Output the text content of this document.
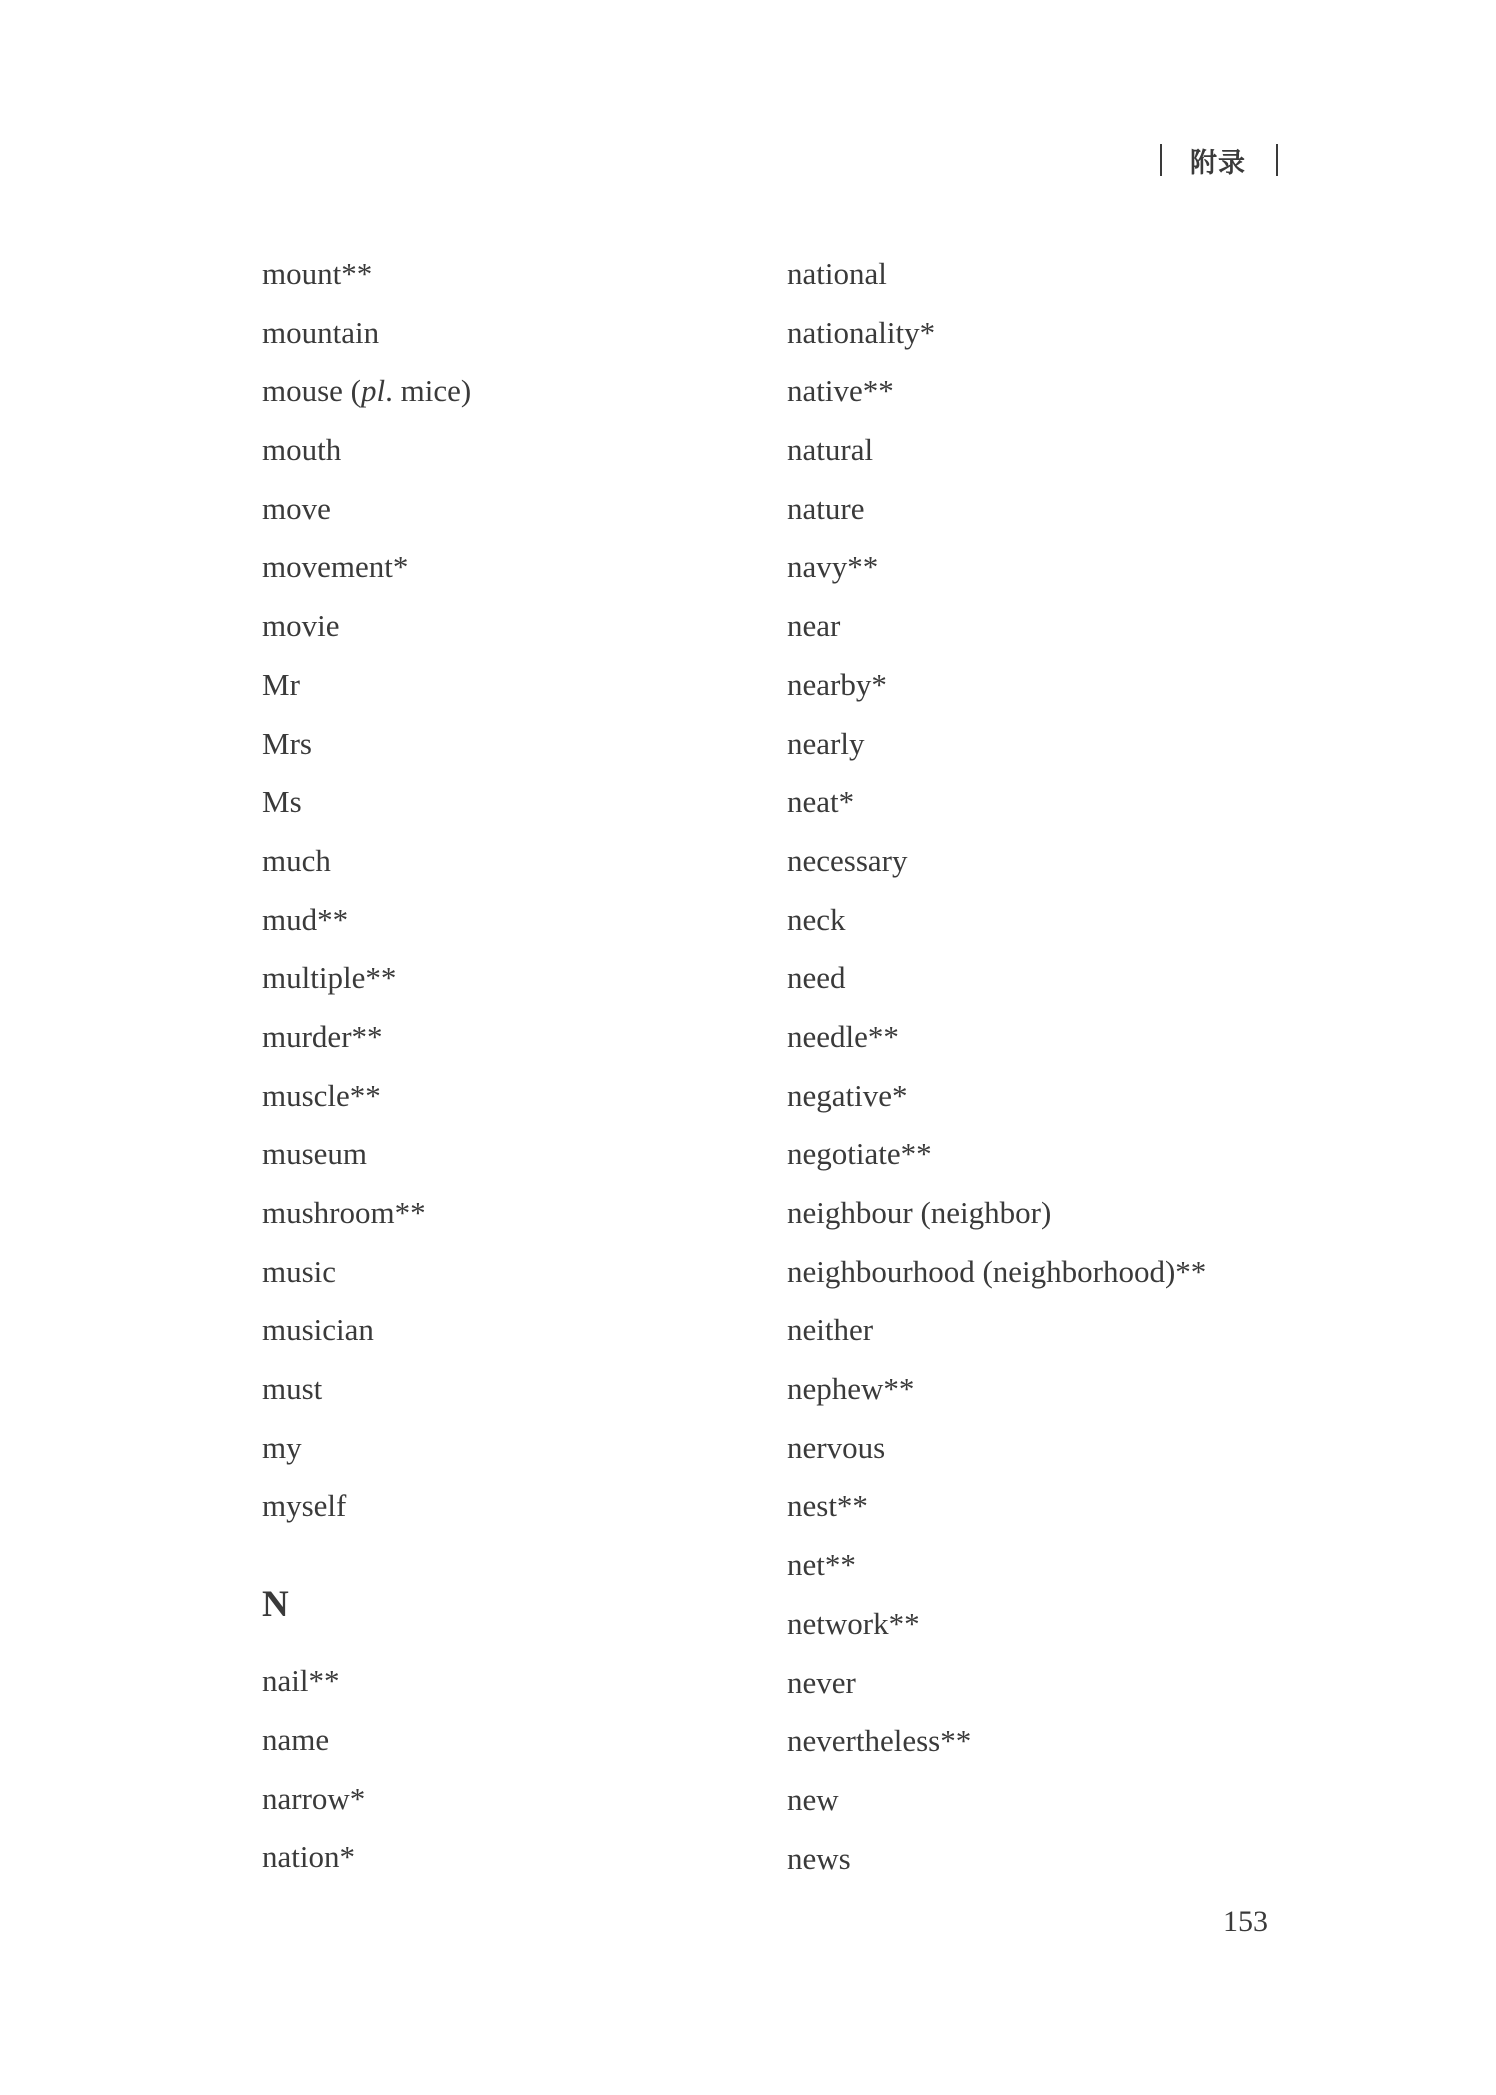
附录
mount**
mountain
mouse (pl. mice)
mouth
move
movement*
movie
Mr
Mrs
Ms
much
mud**
multiple**
murder**
muscle**
museum
mushroom**
music
musician
must
my
myself
N
nail**
name
narrow*
nation*
national
nationality*
native**
natural
nature
navy**
near
nearby*
nearly
neat*
necessary
neck
need
needle**
negative*
negotiate**
neighbour (neighbor)
neighbourhood (neighborhood)**
neither
nephew**
nervous
nest**
net**
network**
never
nevertheless**
new
news
153
